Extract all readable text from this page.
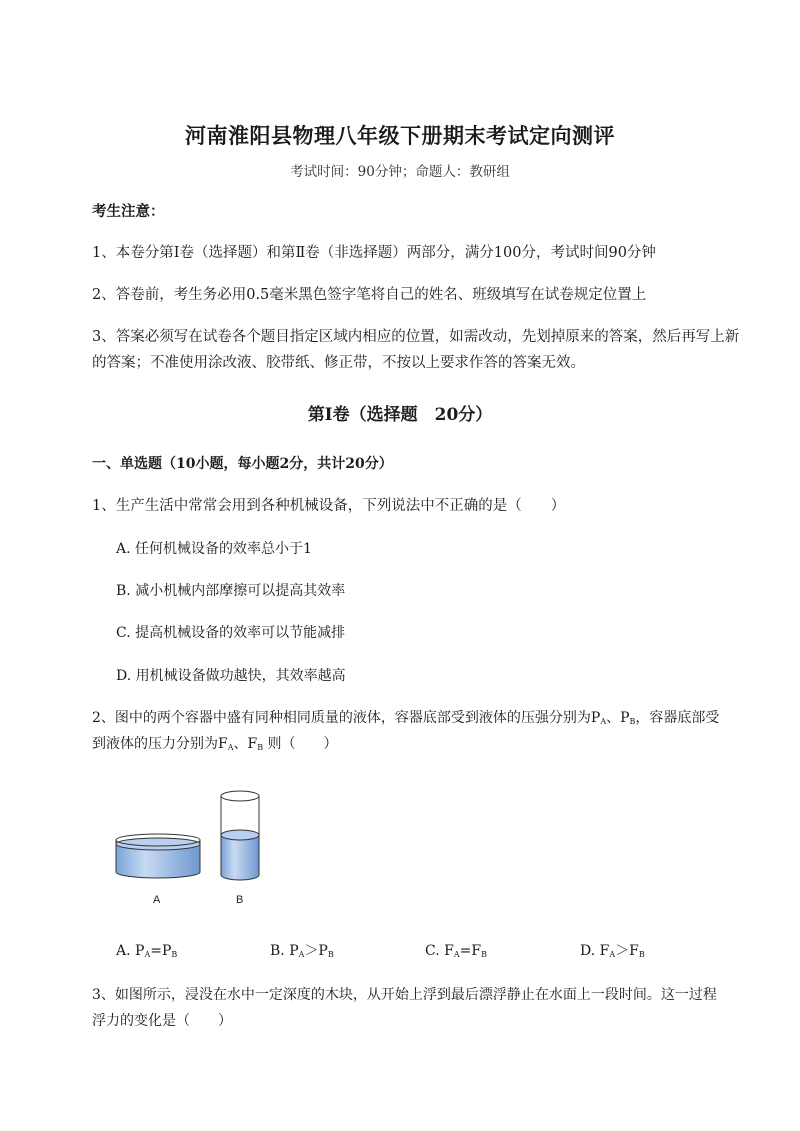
河南淮阳县物理八年级下册期末考试定向测评
考试时间：90分钟；命题人：教研组
考生注意：
1、本卷分第I卷（选择题）和第Ⅱ卷（非选择题）两部分，满分100分，考试时间90分钟
2、答卷前，考生务必用0.5毫米黑色签字笔将自己的姓名、班级填写在试卷规定位置上
3、答案必须写在试卷各个题目指定区域内相应的位置，如需改动，先划掉原来的答案，然后再写上新
的答案；不准使用涂改液、胶带纸、修正带，不按以上要求作答的答案无效。
第I卷（选择题　20分）
一、单选题（10小题，每小题2分，共计20分）
1、生产生活中常常会用到各种机械设备，下列说法中不正确的是（　　）
A. 任何机械设备的效率总小于1
B. 减小机械内部摩擦可以提高其效率
C. 提高机械设备的效率可以节能减排
D. 用机械设备做功越快，其效率越高
2、图中的两个容器中盛有同种相同质量的液体，容器底部受到液体的压强分别为$P_A$、$P_B$，容器底部受
到液体的压力分别为$F_A$、$F_B$ 则（　　）
A	B
A. $P_A=P_B$	B. $P_A>P_B$	C. $F_A=F_B$	D. $F_A>F_B$
3、如图所示，浸没在水中一定深度的木块，从开始上浮到最后漂浮静止在水面上一段时间。这一过程
浮力的变化是（　　）
